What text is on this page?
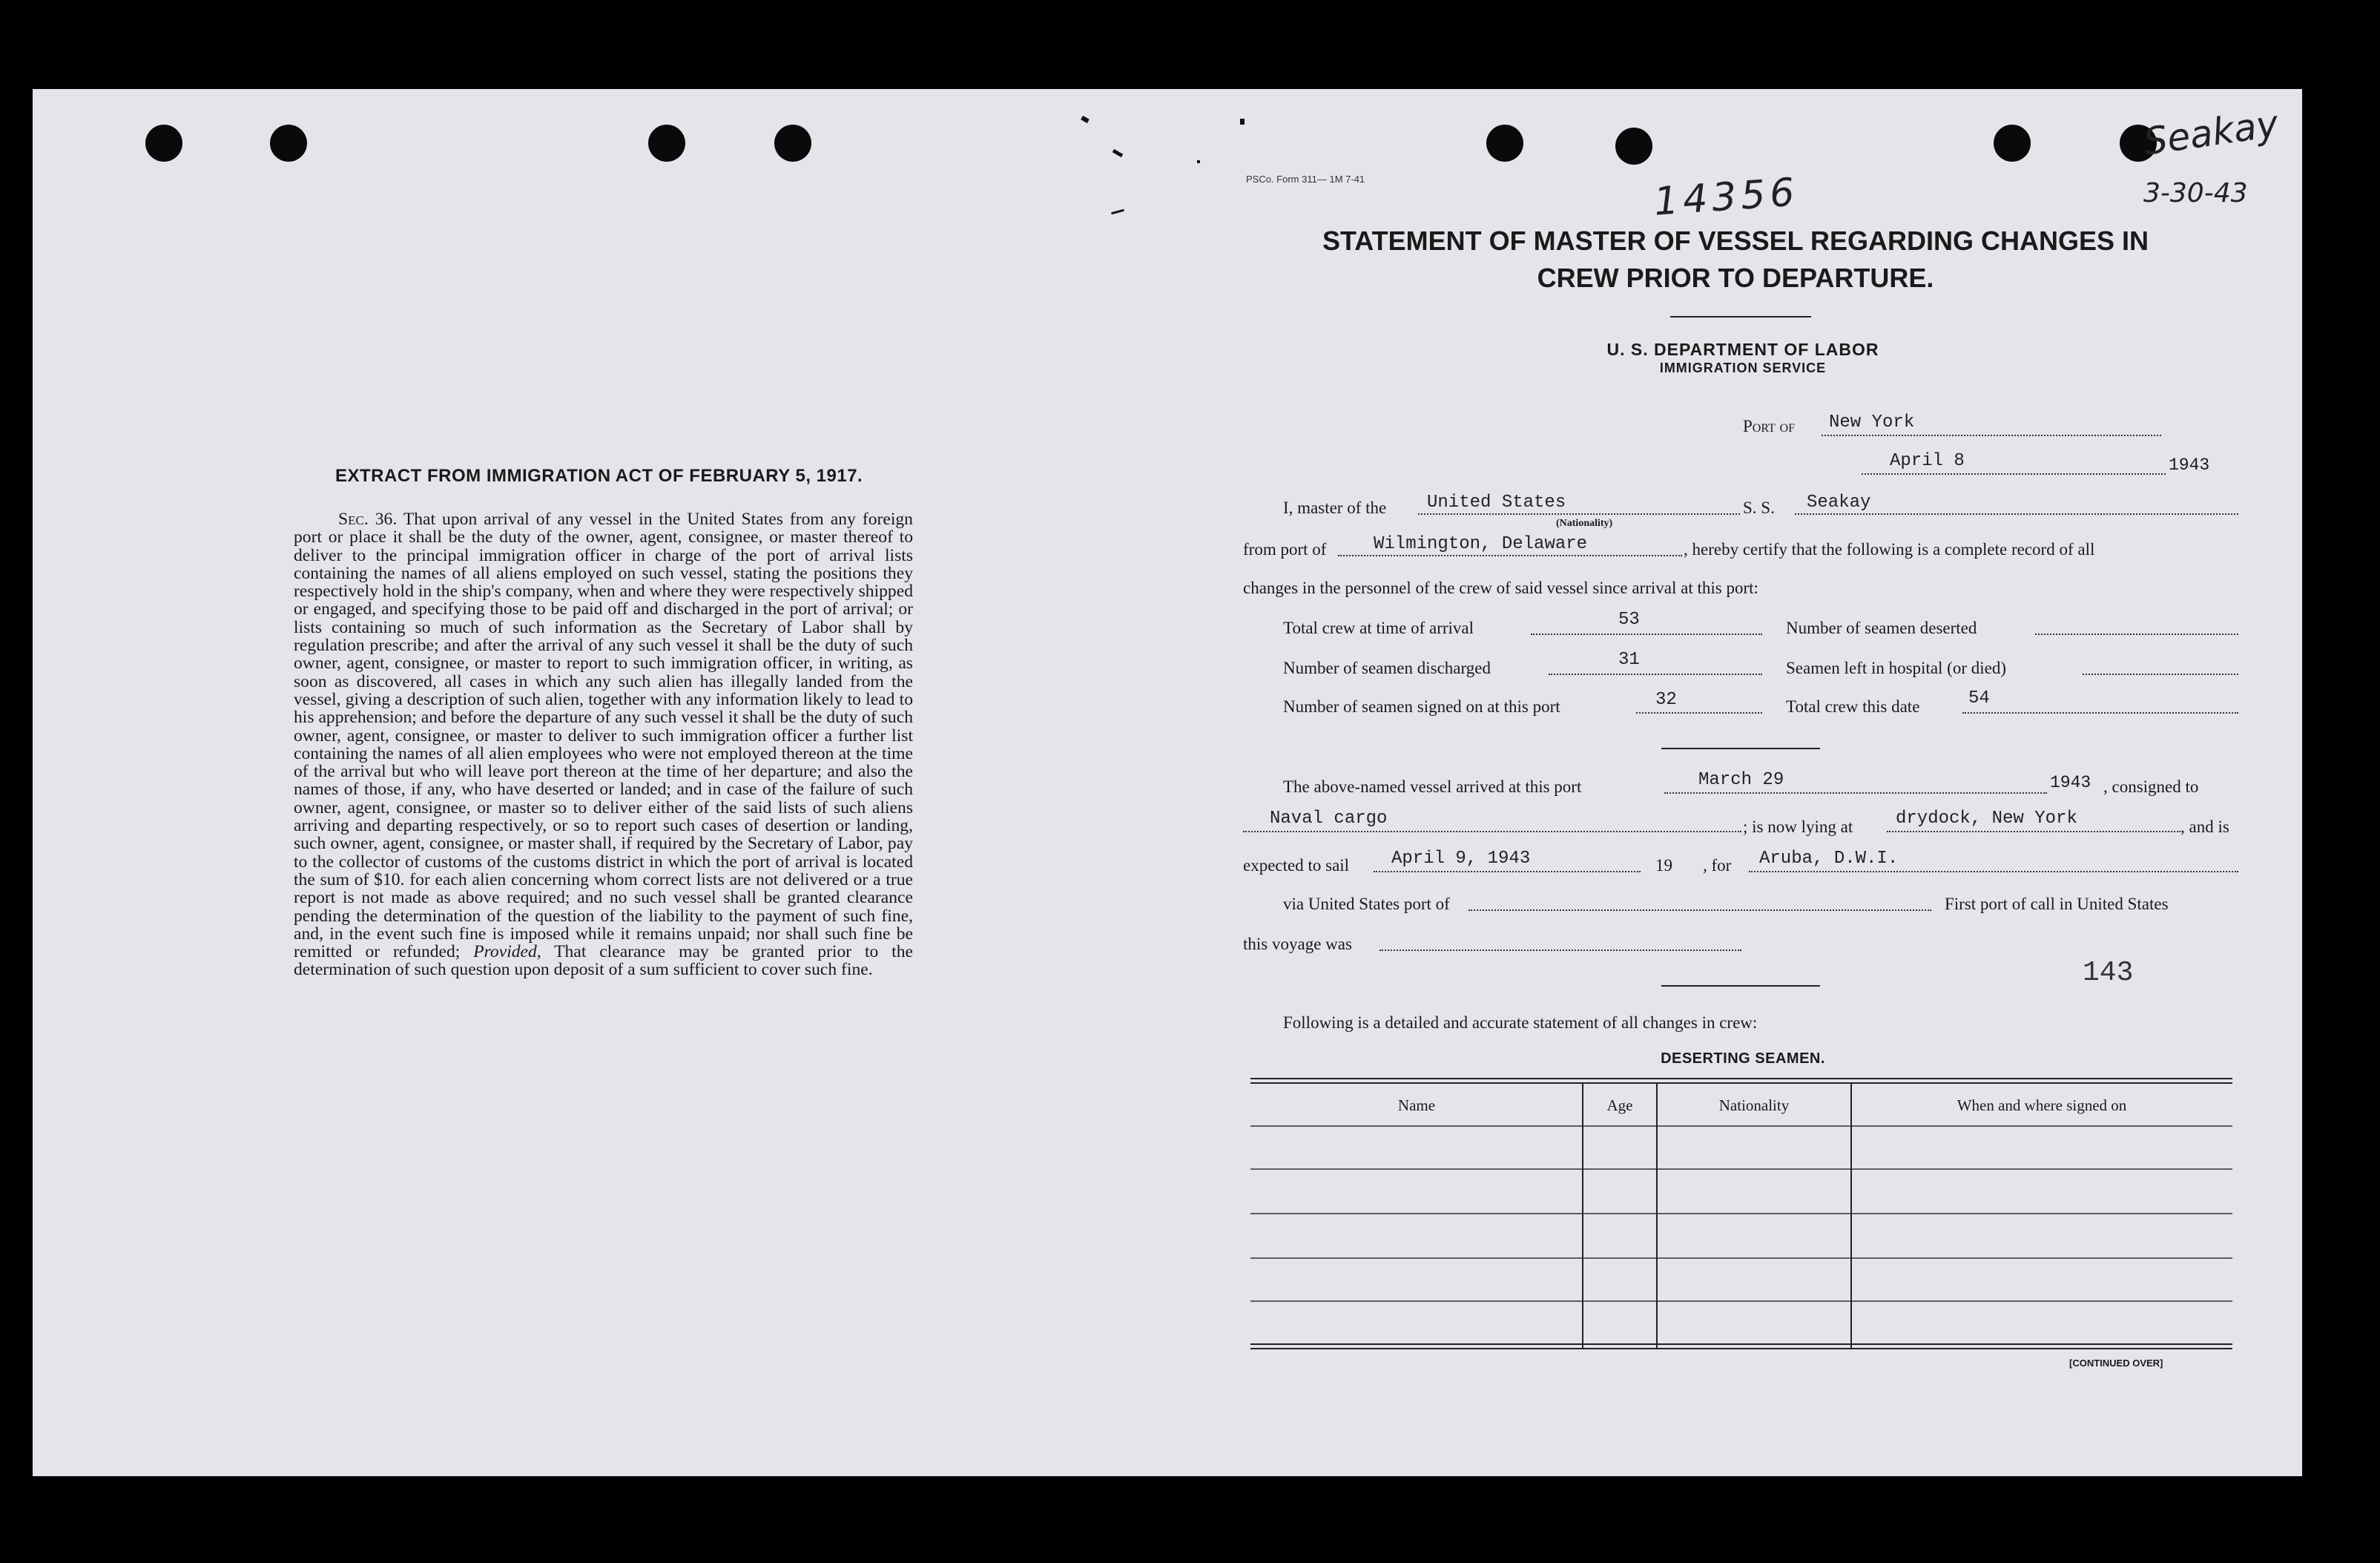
EXTRACT FROM IMMIGRATION ACT OF FEBRUARY 5, 1917.

Sec. 36. That upon arrival of any vessel in the United States from any foreign port or place it shall be the duty of the owner, agent, consignee, or master thereof to deliver to the principal immigration officer in charge of the port of arrival lists containing the names of all aliens employed on such vessel, stating the positions they respectively hold in the ship's company, when and where they were respectively shipped or engaged, and specifying those to be paid off and discharged in the port of arrival; or lists containing so much of such information as the Secretary of Labor shall by regulation prescribe; and after the arrival of any such vessel it shall be the duty of such owner, agent, consignee, or master to report to such immigration officer, in writing, as soon as discovered, all cases in which any such alien has illegally landed from the vessel, giving a description of such alien, together with any information likely to lead to his apprehension; and before the departure of any such vessel it shall be the duty of such owner, agent, consignee, or master to deliver to such immigration officer a further list containing the names of all alien employees who were not employed thereon at the time of the arrival but who will leave port thereon at the time of her departure; and also the names of those, if any, who have deserted or landed; and in case of the failure of such owner, agent, consignee, or master so to deliver either of the said lists of such aliens arriving and departing respectively, or so to report such cases of desertion or landing, such owner, agent, consignee, or master shall, if required by the Secretary of Labor, pay to the collector of customs of the customs district in which the port of arrival is located the sum of $10. for each alien concerning whom correct lists are not delivered or a true report is not made as above required; and no such vessel shall be granted clearance pending the determination of the question of the liability to the payment of such fine, and, in the event such fine is imposed while it remains unpaid; nor shall such fine be remitted or refunded; Provided, That clearance may be granted prior to the determination of such question upon deposit of a sum sufficient to cover such fine.

PSCo. Form 311— 1M 7-41	14356
Seakay
3-30-43
STATEMENT OF MASTER OF VESSEL REGARDING CHANGES IN
CREW PRIOR TO DEPARTURE.
U. S. DEPARTMENT OF LABOR
IMMIGRATION SERVICE
Port of New York
April 8	1943
I, master of the United States
(Nationality)
S. S. Seakay
from port of	Wilmington, Delaware	, hereby certify that the following is a complete record of all
changes in the personnel of the crew of said vessel since arrival at this port:
Total crew at time of arrival	53	Number of seamen deserted
Number of seamen discharged	31	Seamen left in hospital (or died)
Number of seamen signed on at this port	32	Total crew this date	54
The above-named vessel arrived at this port	March 29	1943 , consigned to
Naval cargo	; is now lying at drydock, New York	, and is
expected to sail April 9, 1943	19 , for Aruba, D.W.I.
via United States port of	First port of call in United States
this voyage was
143
Following is a detailed and accurate statement of all changes in crew:
DESERTING SEAMEN.
Name	Age	Nationality	When and where signed on
[CONTINUED OVER]
